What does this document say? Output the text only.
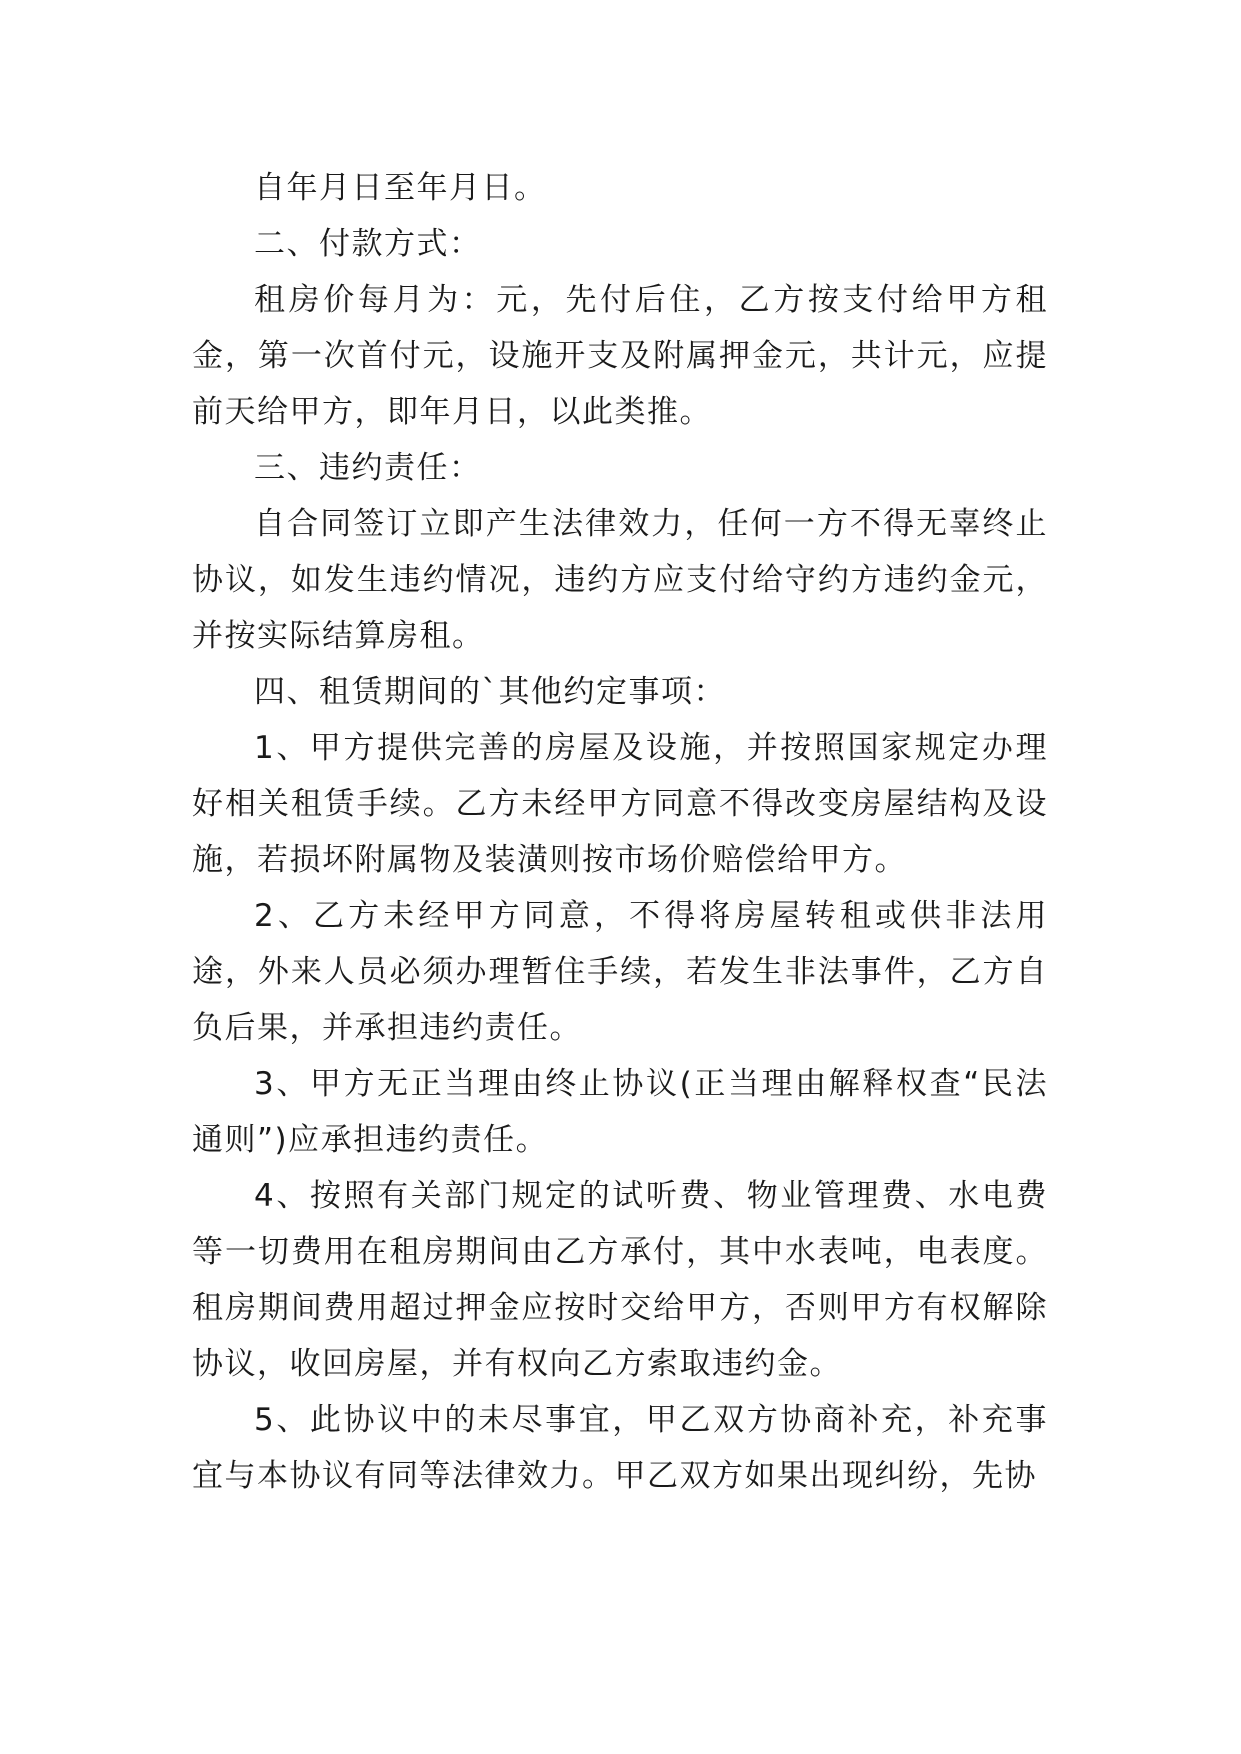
自年月日至年月日。

二、付款方式：

租房价每月为：元，先付后住，乙方按支付给甲方租金，第一次首付元，设施开支及附属押金元，共计元，应提前天给甲方，即年月日，以此类推。

三、违约责任：

自合同签订立即产生法律效力，任何一方不得无辜终止协议，如发生违约情况，违约方应支付给守约方违约金元，并按实际结算房租。

四、租赁期间的`其他约定事项：

1、甲方提供完善的房屋及设施，并按照国家规定办理好相关租赁手续。乙方未经甲方同意不得改变房屋结构及设施，若损坏附属物及装潢则按市场价赔偿给甲方。

2、乙方未经甲方同意，不得将房屋转租或供非法用途，外来人员必须办理暂住手续，若发生非法事件，乙方自负后果，并承担违约责任。

3、甲方无正当理由终止协议(正当理由解释权查“民法通则”)应承担违约责任。

4、按照有关部门规定的试听费、物业管理费、水电费等一切费用在租房期间由乙方承付，其中水表吨，电表度。租房期间费用超过押金应按时交给甲方，否则甲方有权解除协议，收回房屋，并有权向乙方索取违约金。

5、此协议中的未尽事宜，甲乙双方协商补充，补充事宜与本协议有同等法律效力。甲乙双方如果出现纠纷，先协
